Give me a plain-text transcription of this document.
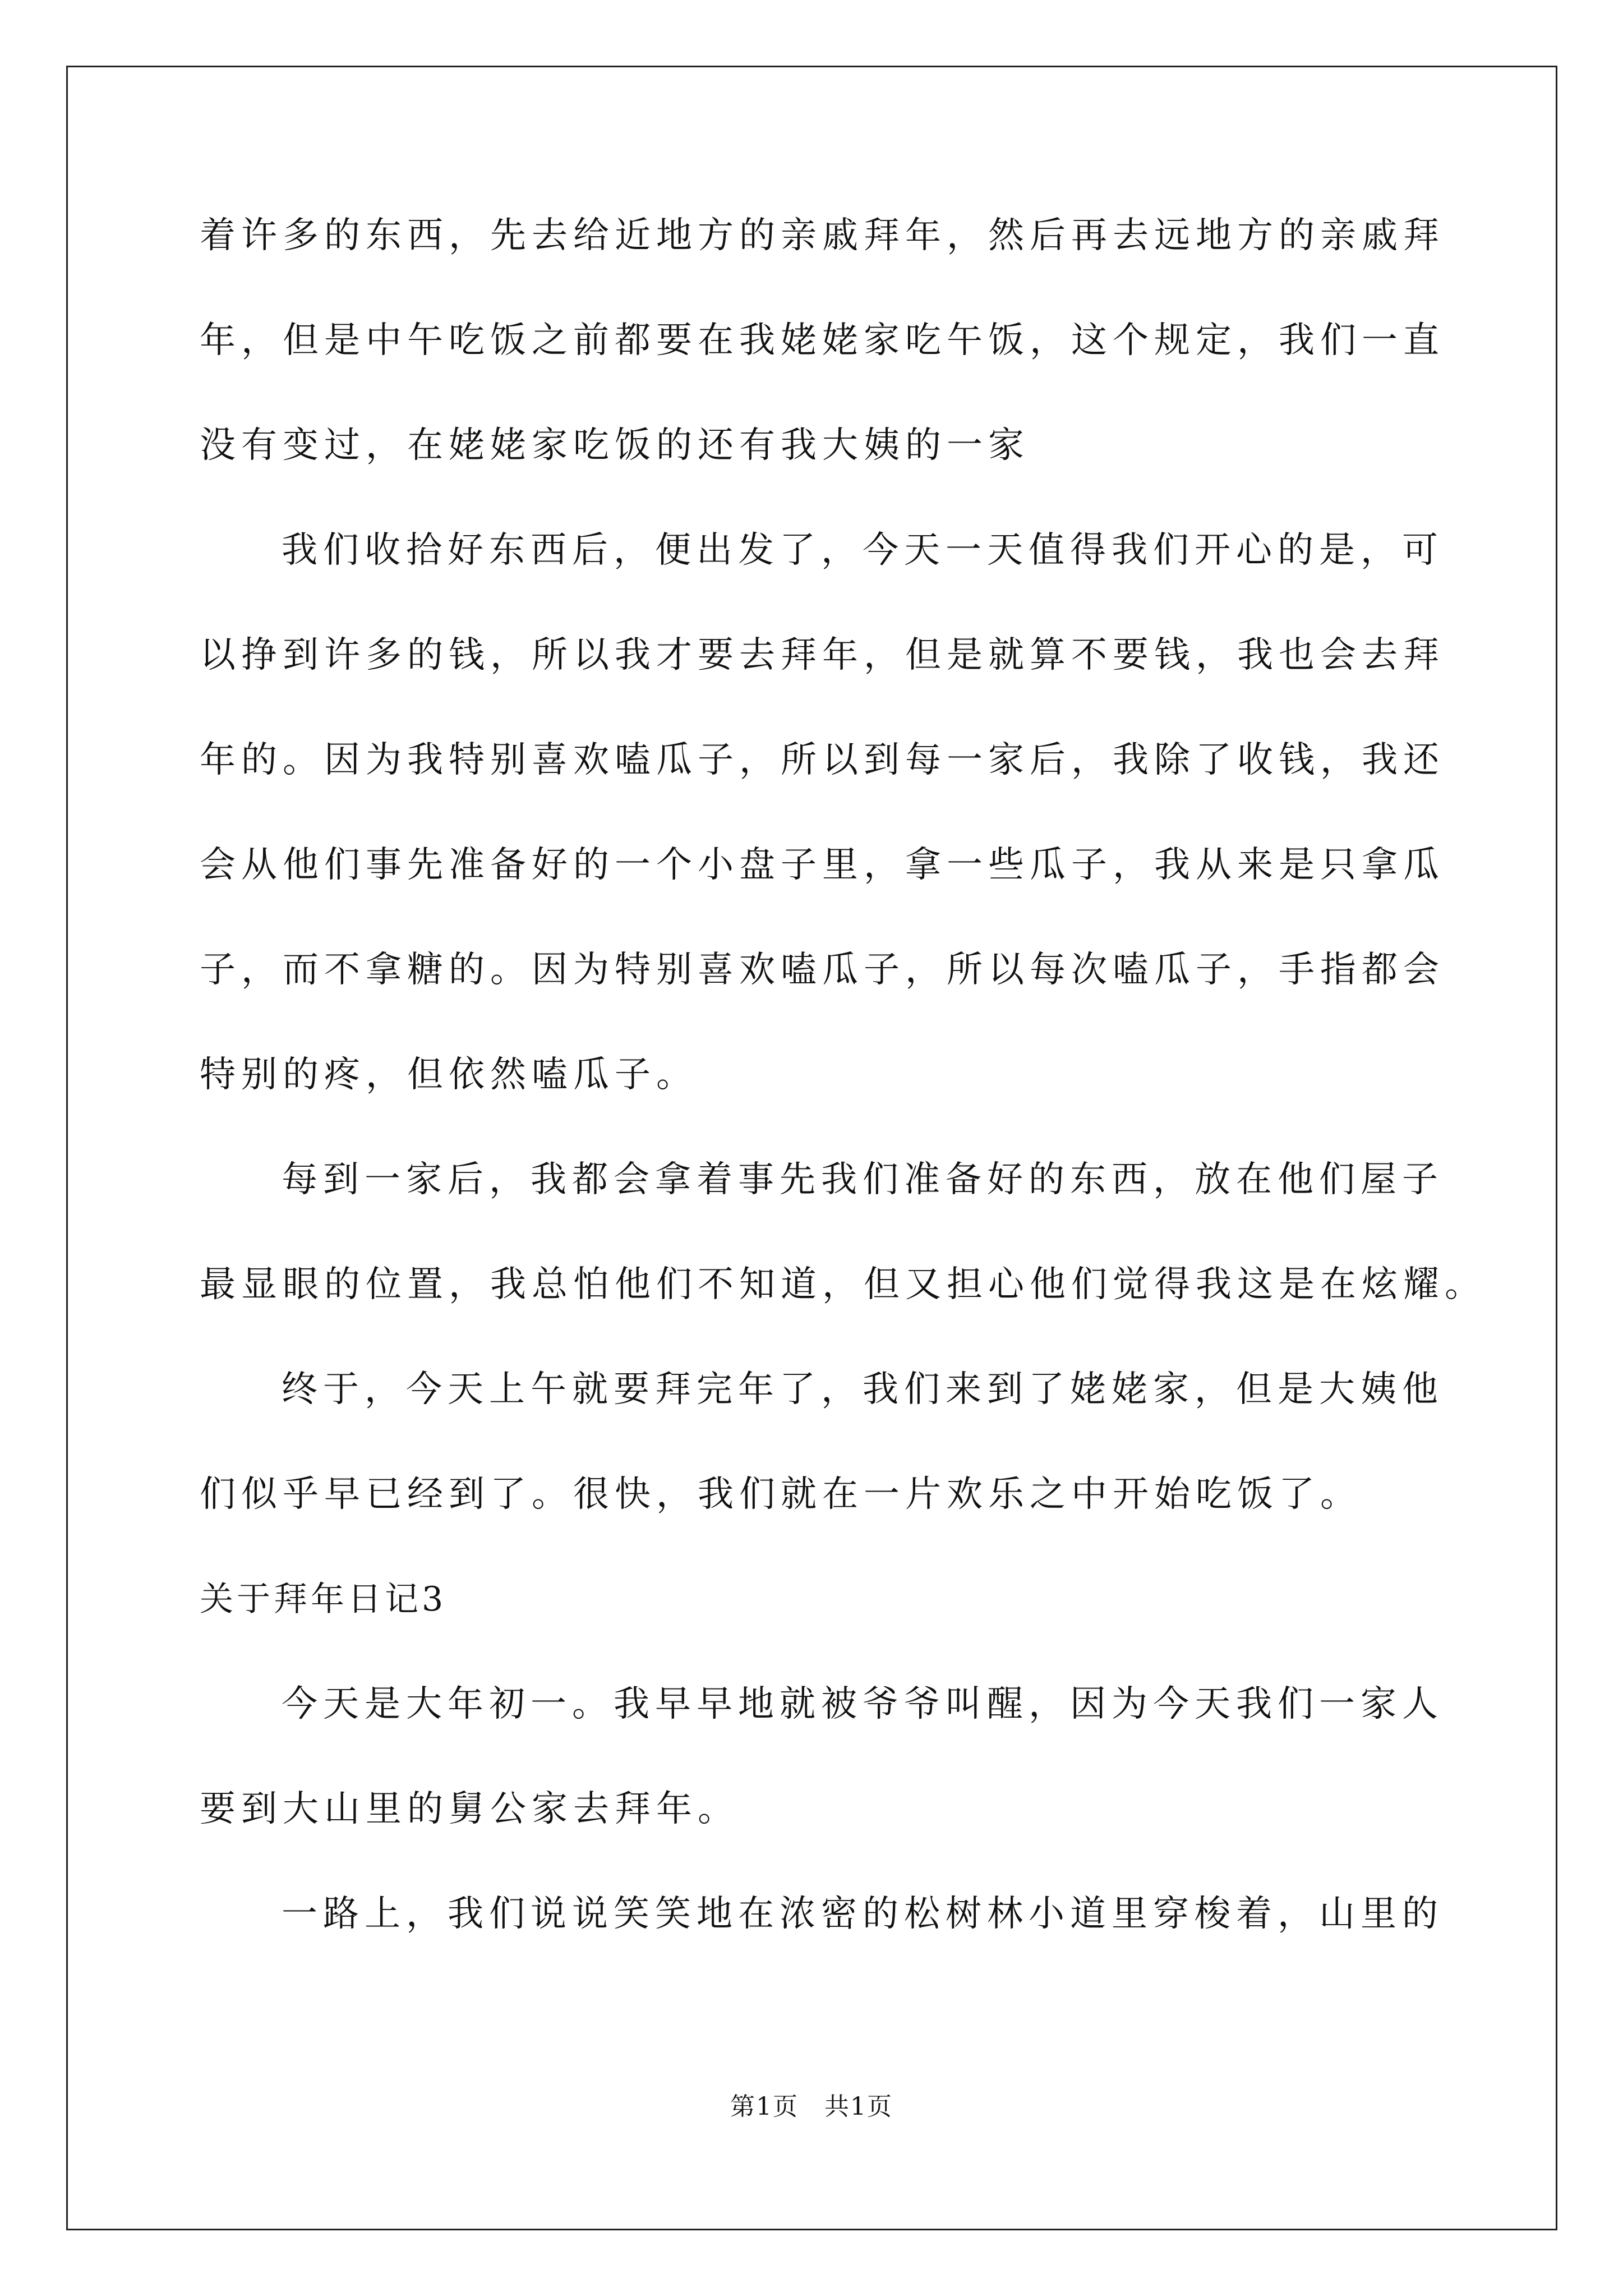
着许多的东西，先去给近地方的亲戚拜年，然后再去远地方的亲戚拜
年，但是中午吃饭之前都要在我姥姥家吃午饭，这个规定，我们一直
没有变过，在姥姥家吃饭的还有我大姨的一家
我们收拾好东西后，便出发了，今天一天值得我们开心的是，可
以挣到许多的钱，所以我才要去拜年，但是就算不要钱，我也会去拜
年的。因为我特别喜欢嗑瓜子，所以到每一家后，我除了收钱，我还
会从他们事先准备好的一个小盘子里，拿一些瓜子，我从来是只拿瓜
子，而不拿糖的。因为特别喜欢嗑瓜子，所以每次嗑瓜子，手指都会
特别的疼，但依然嗑瓜子。
每到一家后，我都会拿着事先我们准备好的东西，放在他们屋子
最显眼的位置，我总怕他们不知道，但又担心他们觉得我这是在炫耀。
终于，今天上午就要拜完年了，我们来到了姥姥家，但是大姨他
们似乎早已经到了。很快，我们就在一片欢乐之中开始吃饭了。
关于拜年日记3
今天是大年初一。我早早地就被爷爷叫醒，因为今天我们一家人
要到大山里的舅公家去拜年。
一路上，我们说说笑笑地在浓密的松树林小道里穿梭着，山里的
第1页　共1页
